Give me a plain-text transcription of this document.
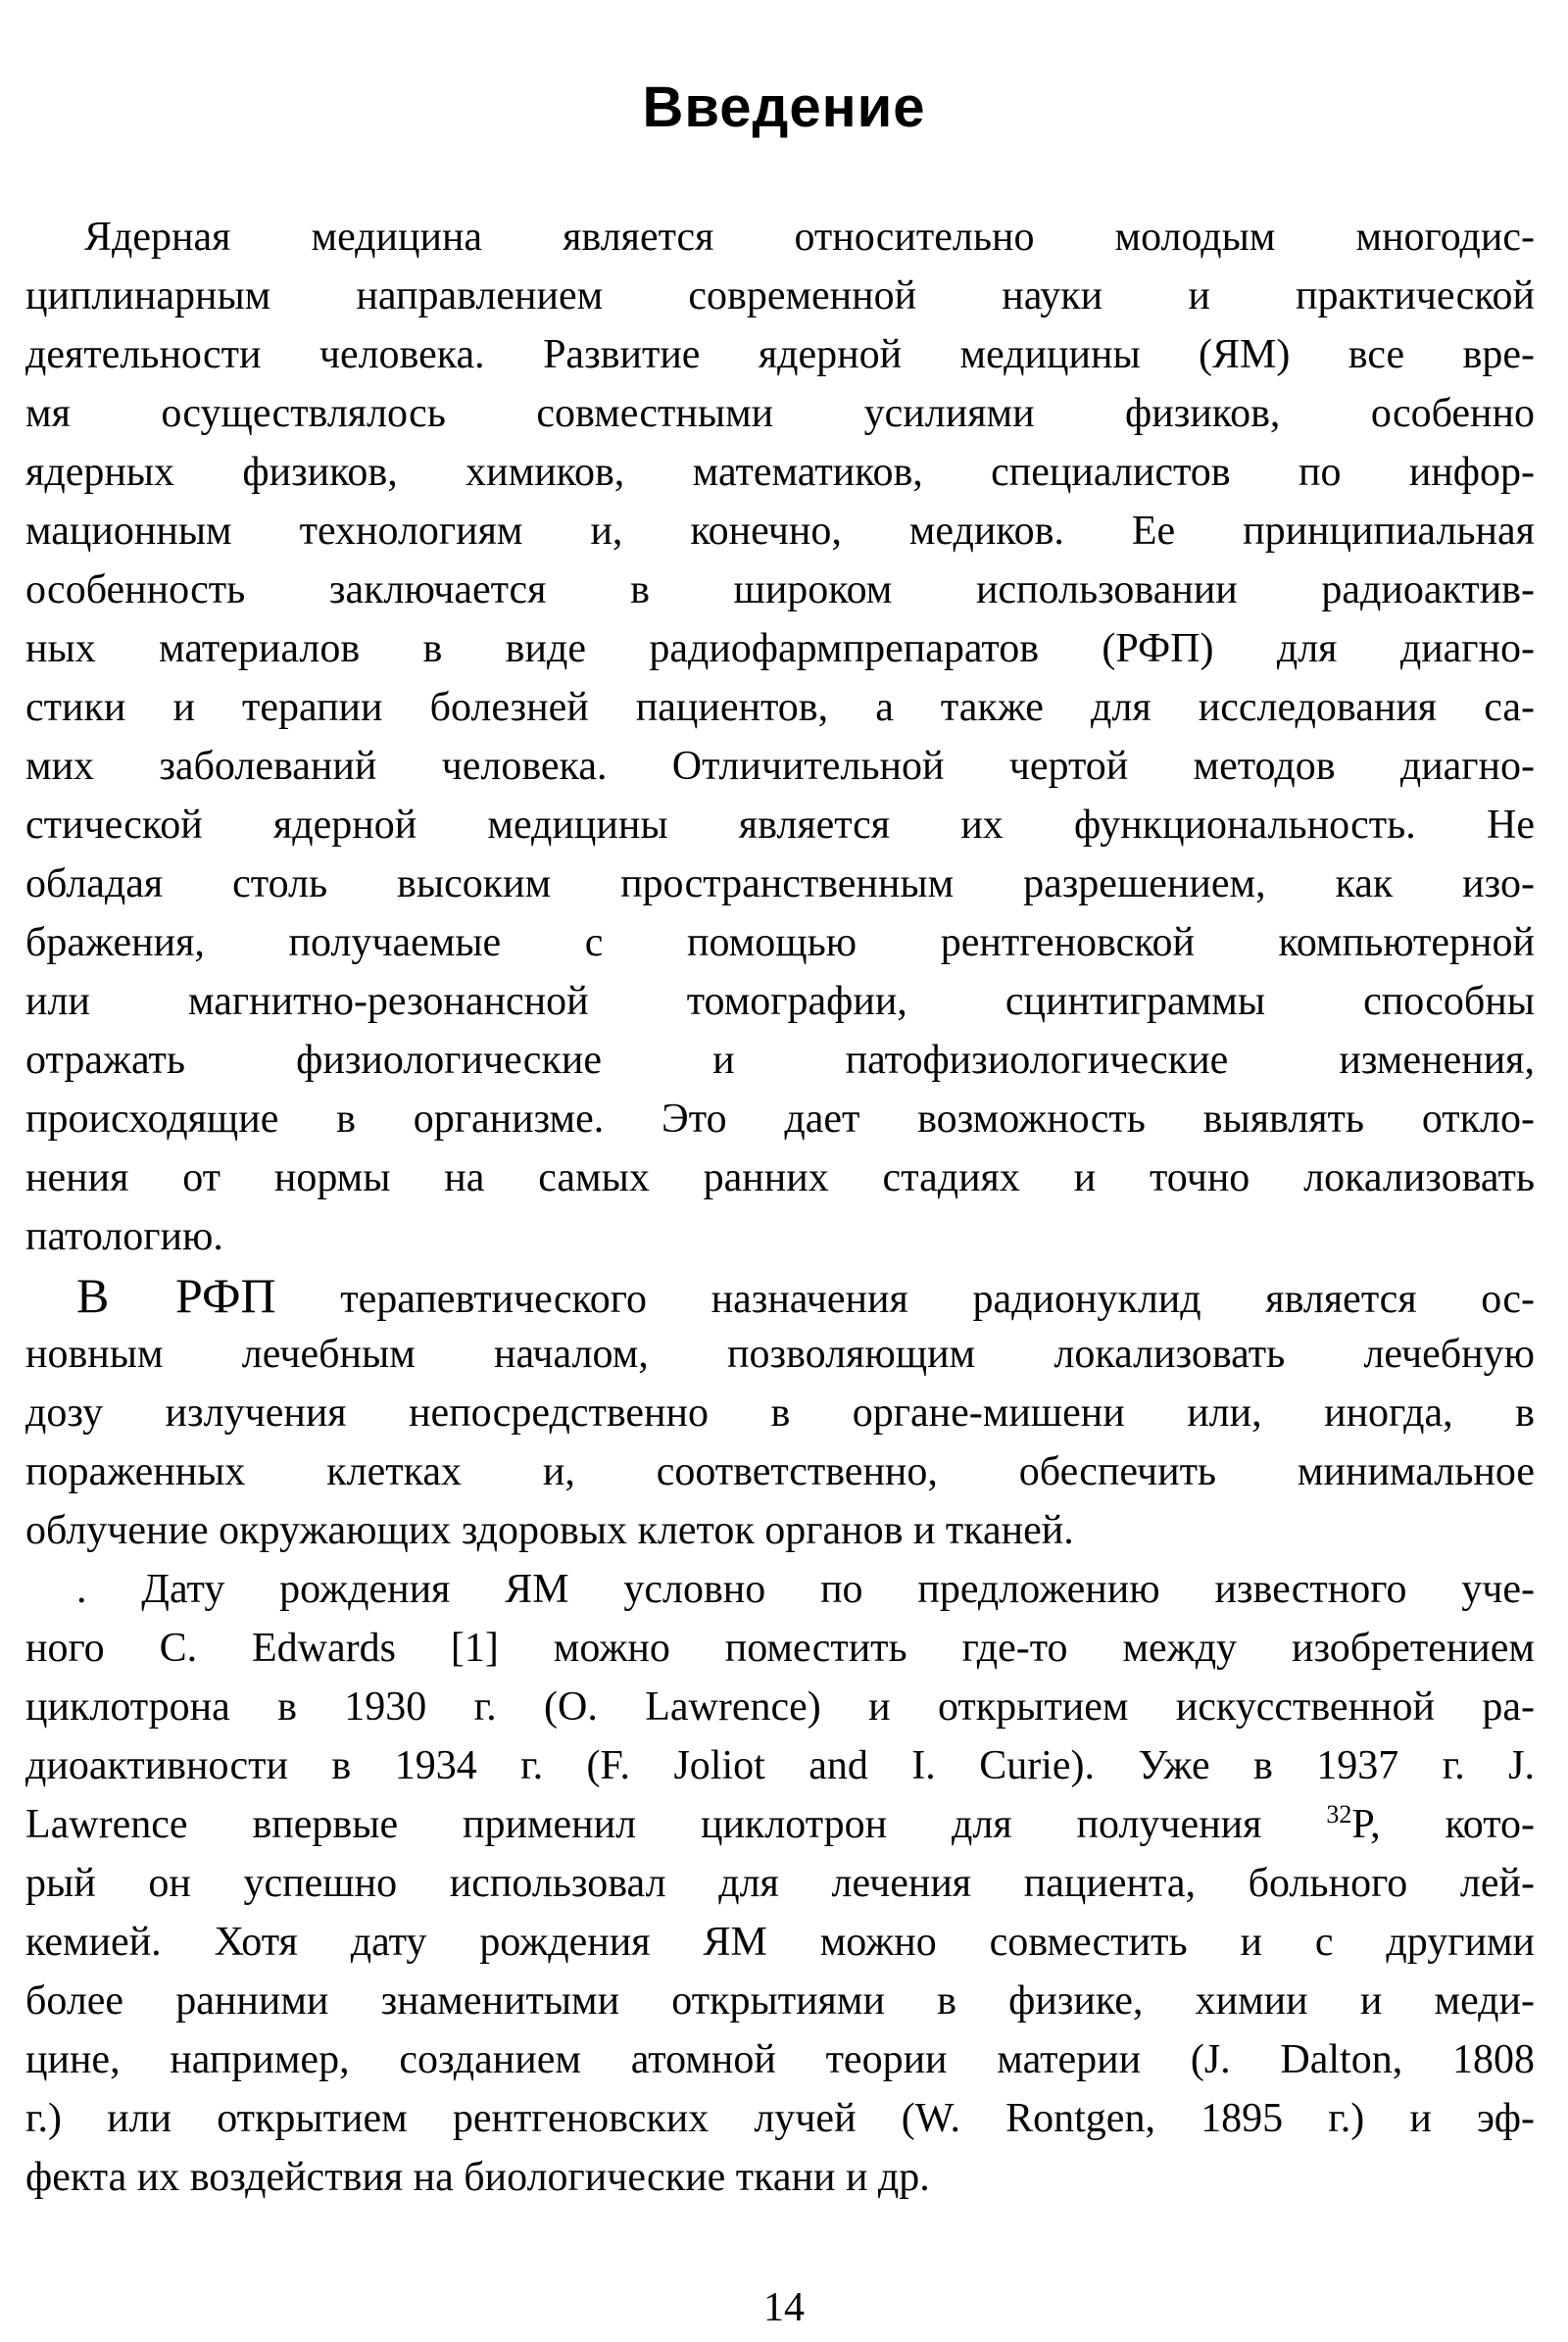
Введение
Ядерная медицина является относительно молодым многодис-
циплинарным направлением современной науки и практической
деятельности человека. Развитие ядерной медицины (ЯМ) все вре-
мя осуществлялось совместными усилиями физиков, особенно
ядерных физиков, химиков, математиков, специалистов по инфор-
мационным технологиям и, конечно, медиков. Ее принципиальная
особенность заключается в широком использовании радиоактив-
ных материалов в виде радиофармпрепаратов (РФП) для диагно-
стики и терапии болезней пациентов, а также для исследования са-
мих заболеваний человека. Отличительной чертой методов диагно-
стической ядерной медицины является их функциональность. Не
обладая столь высоким пространственным разрешением, как изо-
бражения, получаемые с помощью рентгеновской компьютерной
или магнитно-резонансной томографии, сцинтиграммы способны
отражать физиологические и патофизиологические изменения,
происходящие в организме. Это дает возможность выявлять откло-
нения от нормы на самых ранних стадиях и точно локализовать
патологию.
В РФП терапевтического назначения радионуклид является ос-
новным лечебным началом, позволяющим локализовать лечебную
дозу излучения непосредственно в органе-мишени или, иногда, в
пораженных клетках и, соответственно, обеспечить минимальное
облучение окружающих здоровых клеток органов и тканей.
. Дату рождения ЯМ условно по предложению известного уче-
ного C. Edwards [1] можно поместить где-то между изобретением
циклотрона в 1930 г. (O. Lawrence) и открытием искусственной ра-
диоактивности в 1934 г. (F. Joliot and I. Curie). Уже в 1937 г. J.
Lawrence впервые применил циклотрон для получения $^{32}$P, кото-
рый он успешно использовал для лечения пациента, больного лей-
кемией. Хотя дату рождения ЯМ можно совместить и с другими
более ранними знаменитыми открытиями в физике, химии и меди-
цине, например, созданием атомной теории материи (J. Dalton, 1808
г.) или открытием рентгеновских лучей (W. Rontgen, 1895 г.) и эф-
фекта их воздействия на биологические ткани и др.
14
